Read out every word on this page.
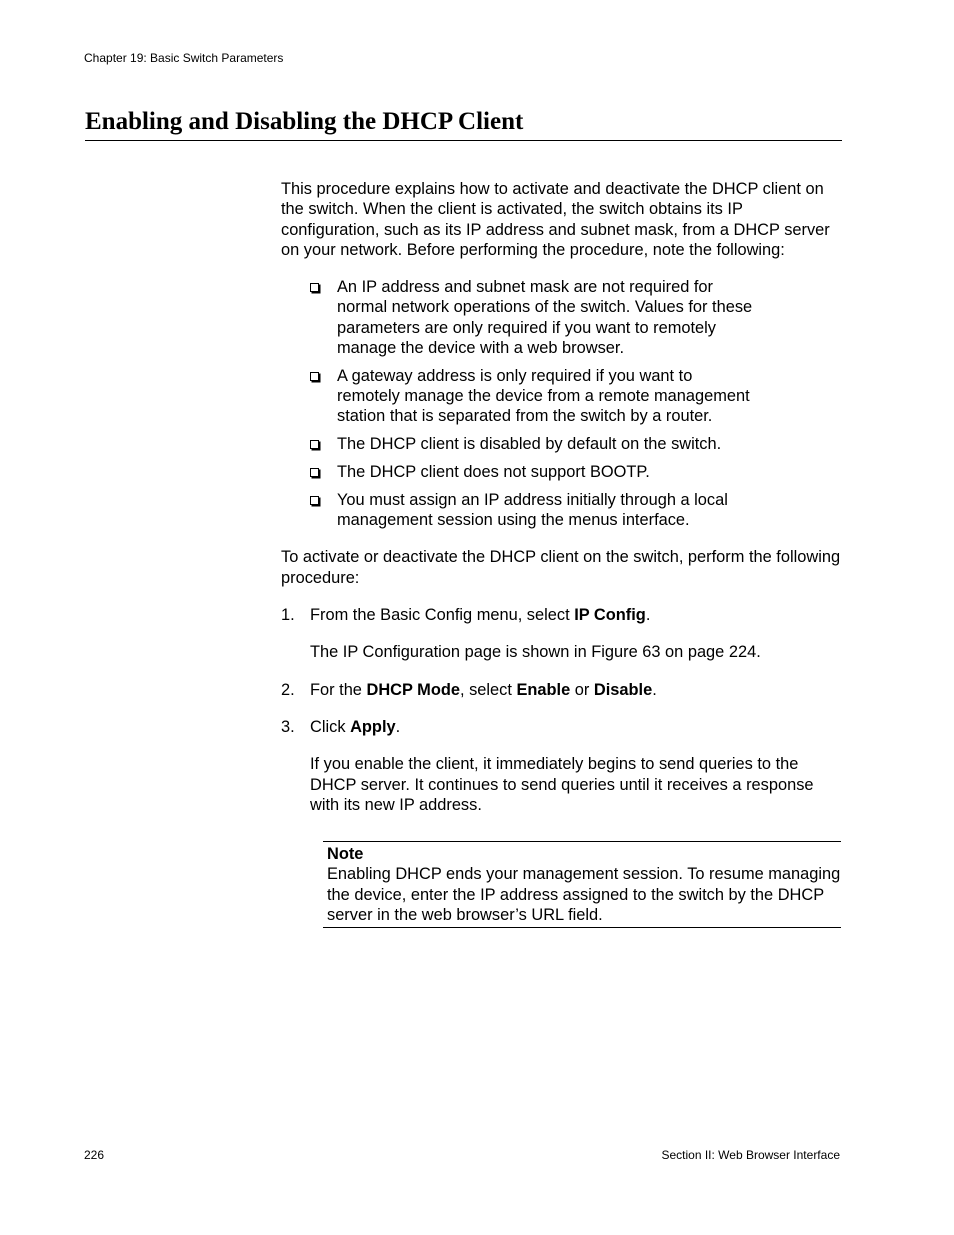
Chapter 19: Basic Switch Parameters
Enabling and Disabling the DHCP Client

This procedure explains how to activate and deactivate the DHCP client on the switch. When the client is activated, the switch obtains its IP configuration, such as its IP address and subnet mask, from a DHCP server on your network. Before performing the procedure, note the following:

An IP address and subnet mask are not required for normal network operations of the switch. Values for these parameters are only required if you want to remotely manage the device with a web browser.
A gateway address is only required if you want to remotely manage the device from a remote management station that is separated from the switch by a router.
The DHCP client is disabled by default on the switch.
The DHCP client does not support BOOTP.
You must assign an IP address initially through a local management session using the menus interface.

To activate or deactivate the DHCP client on the switch, perform the following procedure:

1. From the Basic Config menu, select IP Config.

The IP Configuration page is shown in Figure 63 on page 224.

2. For the DHCP Mode, select Enable or Disable.

3. Click Apply.

If you enable the client, it immediately begins to send queries to the DHCP server. It continues to send queries until it receives a response with its new IP address.

Note
Enabling DHCP ends your management session. To resume managing the device, enter the IP address assigned to the switch by the DHCP server in the web browser’s URL field.
226	Section II: Web Browser Interface
